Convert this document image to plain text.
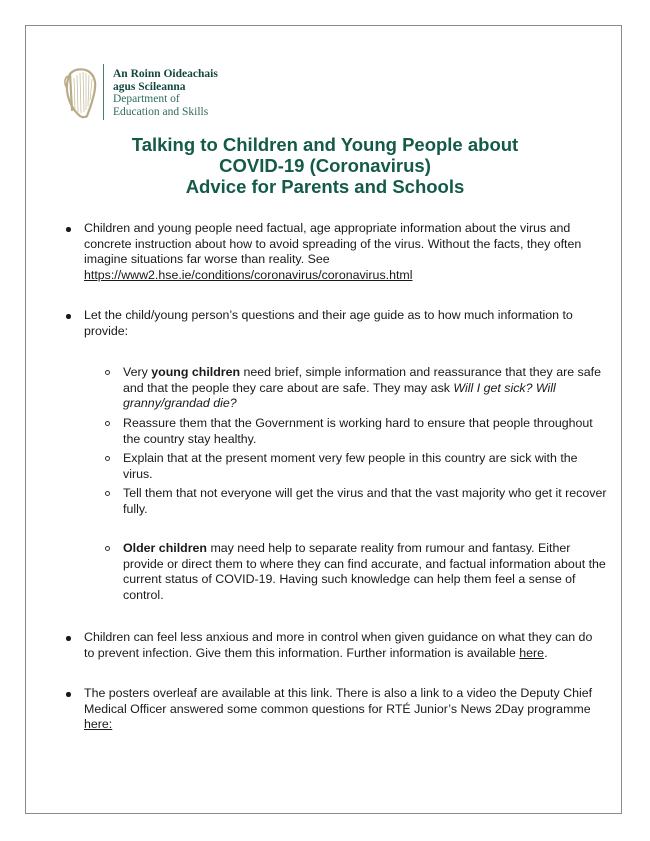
An Roinn Oideachais
agus Scileanna
Department of
Education and Skills
Talking to Children and Young People about
COVID-19 (Coronavirus)
Advice for Parents and Schools
Children and young people need factual, age appropriate information about the virus and concrete instruction about how to avoid spreading of the virus. Without the facts, they often imagine situations far worse than reality. See
https://www2.hse.ie/conditions/coronavirus/coronavirus.html
Let the child/young person’s questions and their age guide as to how much information to provide:
Very young children need brief, simple information and reassurance that they are safe and that the people they care about are safe. They may ask Will I get sick? Will granny/grandad die?
Reassure them that the Government is working hard to ensure that people throughout the country stay healthy.
Explain that at the present moment very few people in this country are sick with the virus.
Tell them that not everyone will get the virus and that the vast majority who get it recover fully.
Older children may need help to separate reality from rumour and fantasy. Either provide or direct them to where they can find accurate, and factual information about the current status of COVID-19. Having such knowledge can help them feel a sense of control.
Children can feel less anxious and more in control when given guidance on what they can do to prevent infection. Give them this information. Further information is available here.
The posters overleaf are available at this link. There is also a link to a video the Deputy Chief Medical Officer answered some common questions for RTÉ Junior’s News 2Day programme here:
